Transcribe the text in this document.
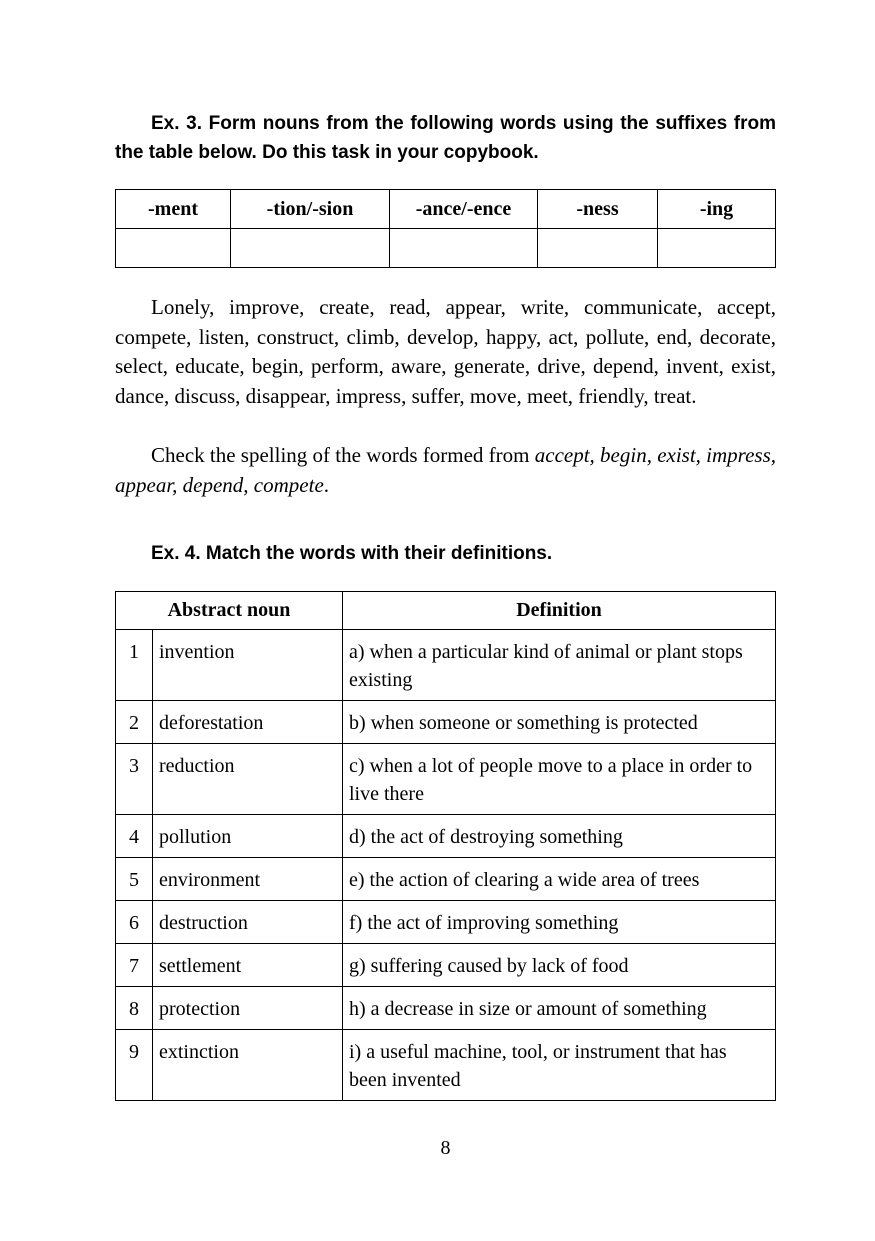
Ex. 3. Form nouns from the following words using the suffixes from the table below. Do this task in your copybook.

-ment	-tion/-sion	-ance/-ence	-ness	-ing

Lonely, improve, create, read, appear, write, communicate, accept, compete, listen, construct, climb, develop, happy, act, pollute, end, decorate, select, educate, begin, perform, aware, generate, drive, depend, invent, exist, dance, discuss, disappear, impress, suffer, move, meet, friendly, treat.

Check the spelling of the words formed from accept, begin, exist, impress, appear, depend, compete.

Ex. 4. Match the words with their definitions.

Abstract noun		Definition
1	invention	a) when a particular kind of animal or plant stops existing
2	deforestation	b) when someone or something is protected
3	reduction	c) when a lot of people move to a place in order to live there
4	pollution	d) the act of destroying something
5	environment	e) the action of clearing a wide area of trees
6	destruction	f) the act of improving something
7	settlement	g) suffering caused by lack of food
8	protection	h) a decrease in size or amount of something
9	extinction	i) a useful machine, tool, or instrument that has been invented
8
